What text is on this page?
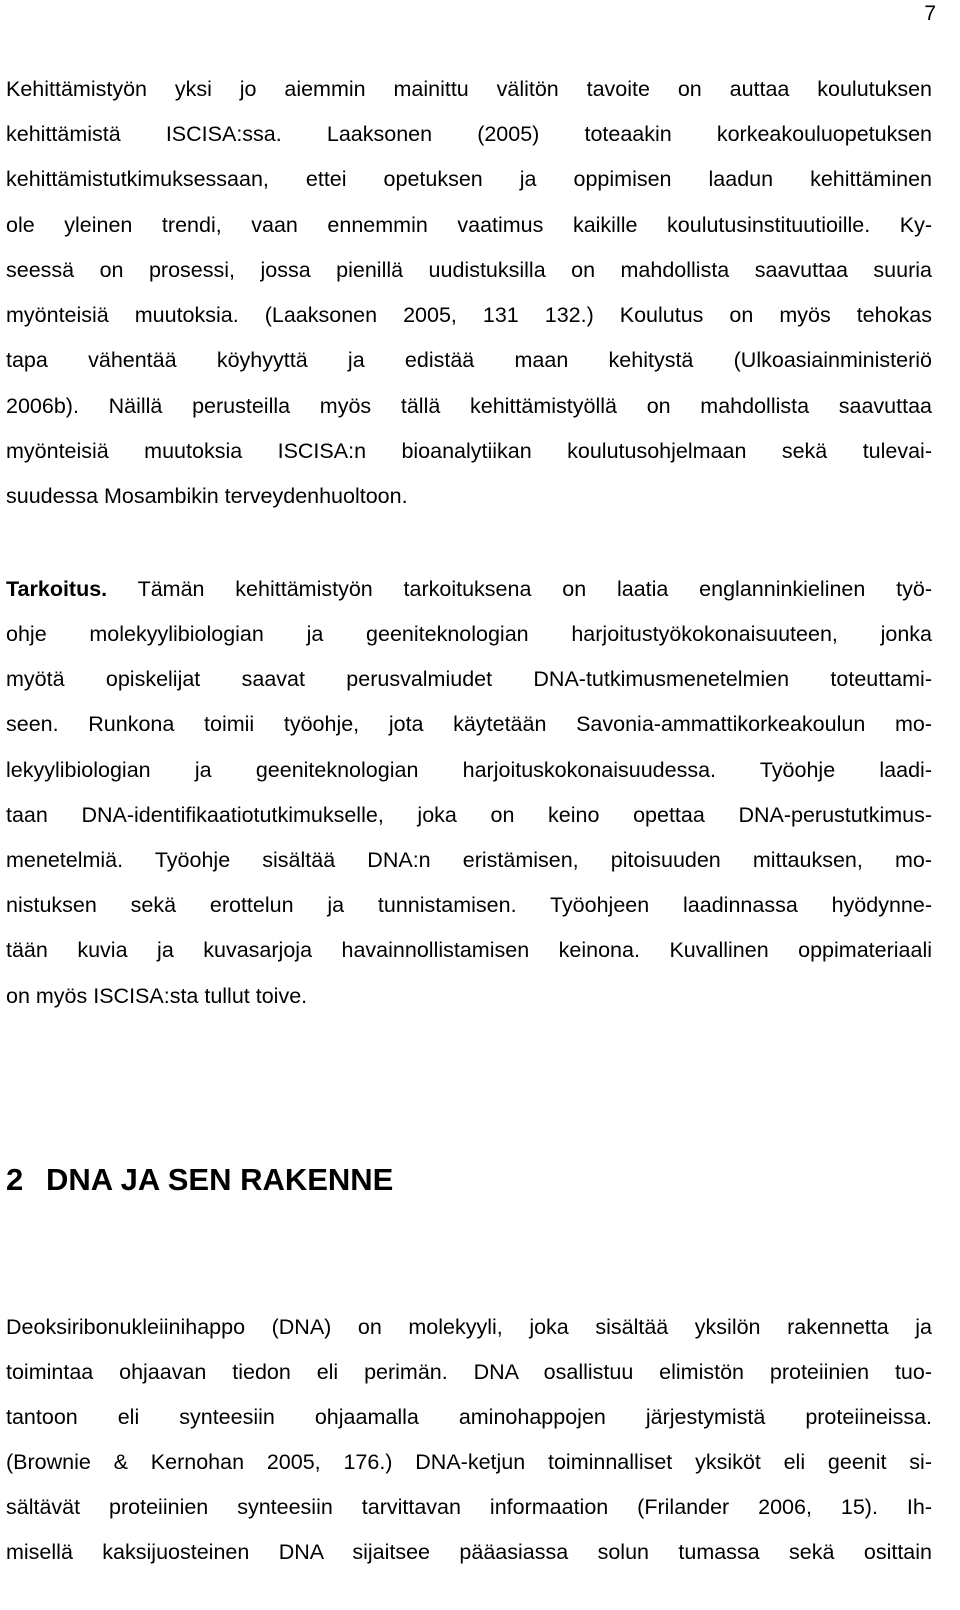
7
Kehittämistyön yksi jo aiemmin mainittu välitön tavoite on auttaa koulutuksen
kehittämistä ISCISA:ssa. Laaksonen (2005) toteaakin korkeakouluopetuksen
kehittämistutkimuksessaan, ettei opetuksen ja oppimisen laadun kehittäminen
ole yleinen trendi, vaan ennemmin vaatimus kaikille koulutusinstituutioille. Ky-
seessä on prosessi, jossa pienillä uudistuksilla on mahdollista saavuttaa suuria
myönteisiä muutoksia. (Laaksonen 2005, 131 132.) Koulutus on myös tehokas
tapa vähentää köyhyyttä ja edistää maan kehitystä (Ulkoasiainministeriö
2006b). Näillä perusteilla myös tällä kehittämistyöllä on mahdollista saavuttaa
myönteisiä muutoksia ISCISA:n bioanalytiikan koulutusohjelmaan sekä tulevai-
suudessa Mosambikin terveydenhuoltoon.
Tarkoitus. Tämän kehittämistyön tarkoituksena on laatia englanninkielinen työ-
ohje molekyylibiologian ja geeniteknologian harjoitustyökokonaisuuteen, jonka
myötä opiskelijat saavat perusvalmiudet DNA-tutkimusmenetelmien toteuttami-
seen. Runkona toimii työohje, jota käytetään Savonia-ammattikorkeakoulun mo-
lekyylibiologian ja geeniteknologian harjoituskokonaisuudessa. Työohje laadi-
taan DNA-identifikaatiotutkimukselle, joka on keino opettaa DNA-perustutkimus-
menetelmiä. Työohje sisältää DNA:n eristämisen, pitoisuuden mittauksen, mo-
nistuksen sekä erottelun ja tunnistamisen. Työohjeen laadinnassa hyödynne-
tään kuvia ja kuvasarjoja havainnollistamisen keinona. Kuvallinen oppimateriaali
on myös ISCISA:sta tullut toive.
2 DNA JA SEN RAKENNE
Deoksiribonukleiinihappo (DNA) on molekyyli, joka sisältää yksilön rakennetta ja
toimintaa ohjaavan tiedon eli perimän. DNA osallistuu elimistön proteiinien tuo-
tantoon eli synteesiin ohjaamalla aminohappojen järjestymistä proteiineissa.
(Brownie & Kernohan 2005, 176.) DNA-ketjun toiminnalliset yksiköt eli geenit si-
sältävät proteiinien synteesiin tarvittavan informaation (Frilander 2006, 15). Ih-
misellä kaksijuosteinen DNA sijaitsee pääasiassa solun tumassa sekä osittain
